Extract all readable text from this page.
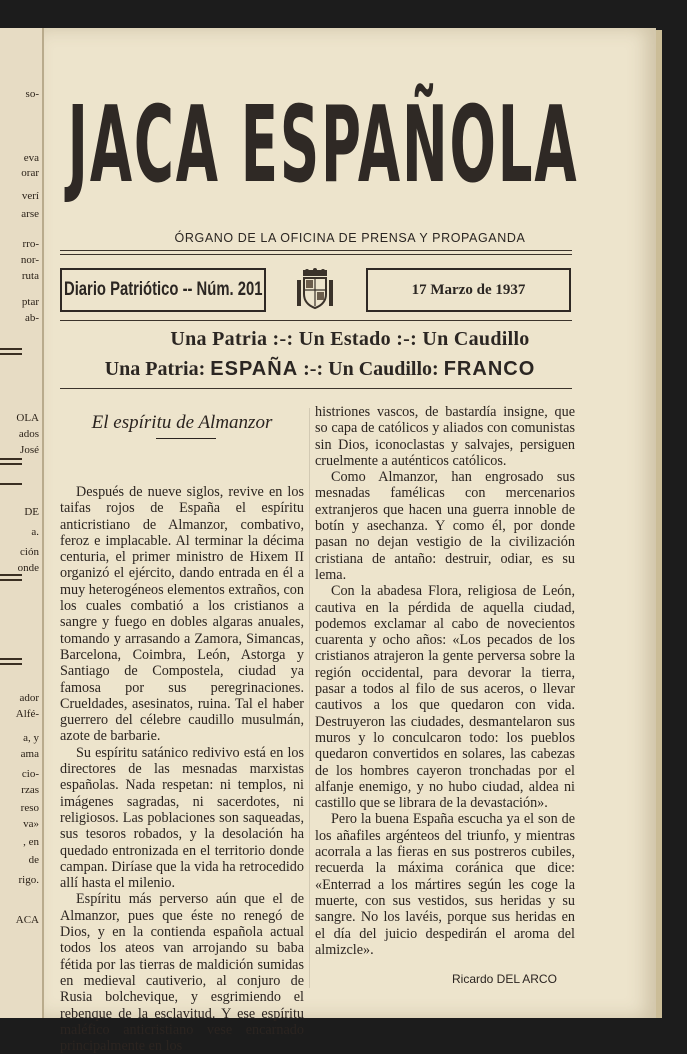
so-
eva
orar
verí
arse
rro-
nor-
ruta
ptar
ab-
OLA
ados
José
DE
a.
ción
onde
ador
Alfé-
a, y
ama
cio-
rzas
reso
va»
, en
de
rigo.
ACA
JACA ESPAÑOLA
ÓRGANO DE LA OFICINA DE PRENSA Y PROPAGANDA
Diario Patriótico -- Núm. 201	17 Marzo de 1937
Una Patria :-: Un Estado :-: Un Caudillo
Una Patria: ESPAÑA :-: Un Caudillo: FRANCO
El espíritu de Almanzor

Después de nueve siglos, revive en los taifas rojos de España el espíritu anticristiano de Almanzor, combativo, feroz e implacable. Al terminar la décima centuria, el primer ministro de Hixem II organizó el ejército, dando entrada en él a muy heterogéneos elementos extraños, con los cuales combatió a los cristianos a sangre y fuego en dobles algaras anuales, tomando y arrasando a Zamora, Simancas, Barcelona, Coimbra, León, Astorga y Santiago de Compostela, ciudad ya famosa por sus peregrinaciones. Crueldades, asesinatos, ruina. Tal el haber guerrero del célebre caudillo musulmán, azote de barbarie.

Su espíritu satánico redivivo está en los directores de las mesnadas marxistas españolas. Nada respetan: ni templos, ni imágenes sagradas, ni sacerdotes, ni religiosos. Las poblaciones son saqueadas, sus tesoros robados, y la desolación ha quedado entronizada en el territorio donde campan. Diríase que la vida ha retrocedido allí hasta el milenio.

Espíritu más perverso aún que el de Almanzor, pues que éste no renegó de Dios, y en la contienda española actual todos los ateos van arrojando su baba fétida por las tierras de maldición sumidas en medieval cautiverio, al conjuro de Rusia bolchevique, y esgrimiendo el rebenque de la esclavitud. Y ese espíritu maléfico anticristiano vese encarnado principalmente en los

histriones vascos, de bastardía insigne, que so capa de católicos y aliados con comunistas sin Dios, iconoclastas y salvajes, persiguen cruelmente a auténticos católicos.

Como Almanzor, han engrosado sus mesnadas famélicas con mercenarios extranjeros que hacen una guerra innoble de botín y asechanza. Y como él, por donde pasan no dejan vestigio de la civilización cristiana de antaño: destruir, odiar, es su lema.

Con la abadesa Flora, religiosa de León, cautiva en la pérdida de aquella ciudad, podemos exclamar al cabo de novecientos cuarenta y ocho años: «Los pecados de los cristianos atrajeron la gente perversa sobre la región occidental, para devorar la tierra, pasar a todos al filo de sus aceros, o llevar cautivos a los que quedaron con vida. Destruyeron las ciudades, desmantelaron sus muros y lo conculcaron todo: los pueblos quedaron convertidos en solares, las cabezas de los hombres cayeron tronchadas por el alfanje enemigo, y no hubo ciudad, aldea ni castillo que se librara de la devastación».

Pero la buena España escucha ya el son de los añafiles argénteos del triunfo, y mientras acorrala a las fieras en sus postreros cubiles, recuerda la máxima coránica que dice: «Enterrad a los mártires según les coge la muerte, con sus vestidos, sus heridas y su sangre. No los lavéis, porque sus heridas en el día del juicio despedirán el aroma del almizcle».

Ricardo DEL ARCO
